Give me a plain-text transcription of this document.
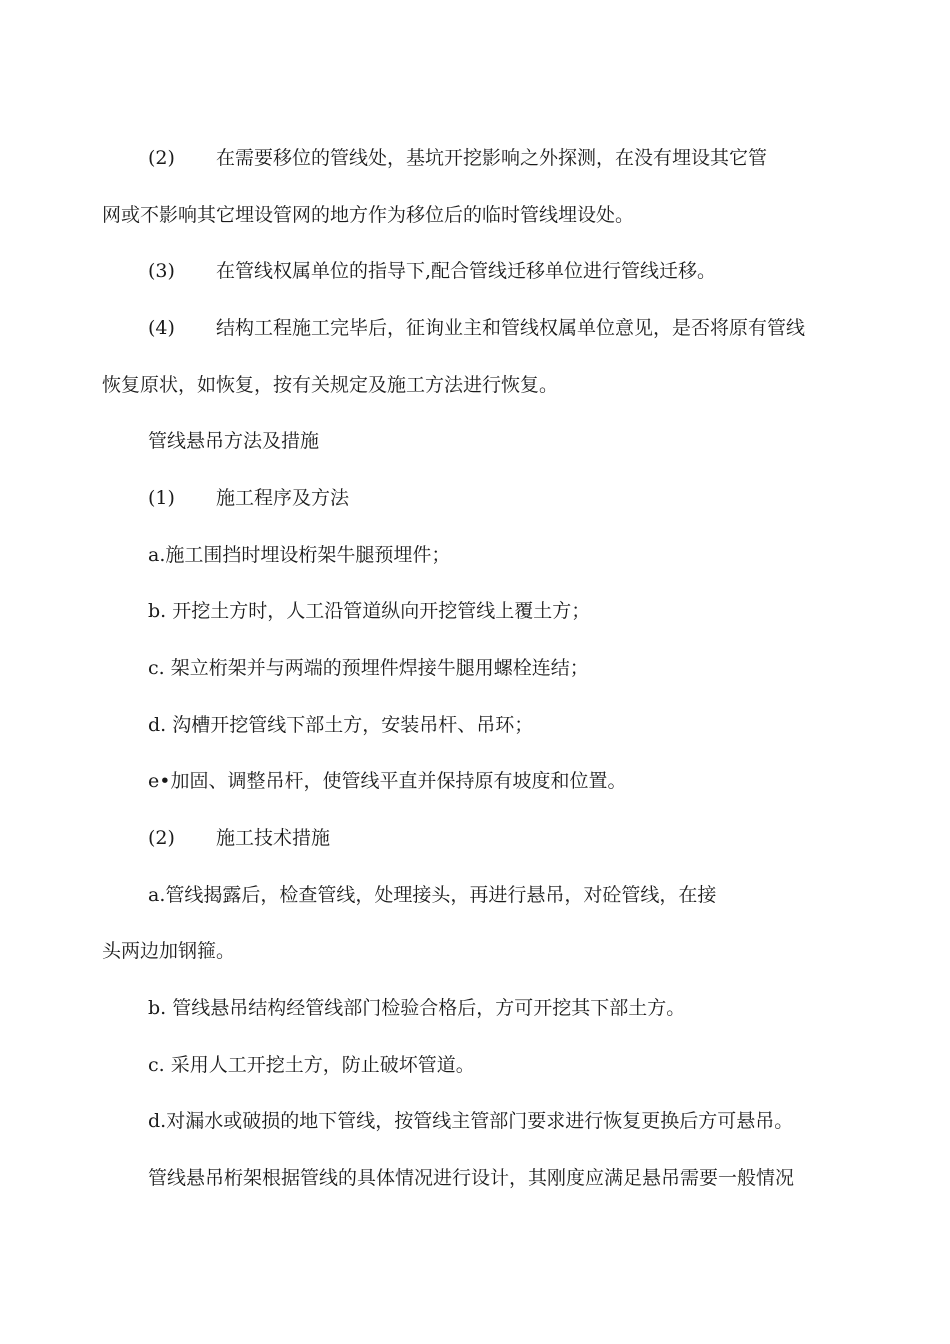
(2) 在需要移位的管线处，基坑开挖影响之外探测，在没有埋设其它管
网或不影响其它埋设管网的地方作为移位后的临时管线埋设处。
(3) 在管线权属单位的指导下,配合管线迁移单位进行管线迁移。
(4) 结构工程施工完毕后，征询业主和管线权属单位意见，是否将原有管线
恢复原状，如恢复，按有关规定及施工方法进行恢复。
管线悬吊方法及措施
(1) 施工程序及方法
a.施工围挡时埋设桁架牛腿预埋件；
b. 开挖土方时，人工沿管道纵向开挖管线上覆土方；
c. 架立桁架并与两端的预埋件焊接牛腿用螺栓连结；
d. 沟槽开挖管线下部土方，安装吊杆、吊环；
e•加固、调整吊杆，使管线平直并保持原有坡度和位置。
(2) 施工技术措施
a.管线揭露后，检查管线，处理接头，再进行悬吊，对砼管线，在接
头两边加钢箍。
b. 管线悬吊结构经管线部门检验合格后，方可开挖其下部土方。
c. 采用人工开挖土方，防止破坏管道。
d.对漏水或破损的地下管线，按管线主管部门要求进行恢复更换后方可悬吊。
管线悬吊桁架根据管线的具体情况进行设计，其刚度应满足悬吊需要一般情况
